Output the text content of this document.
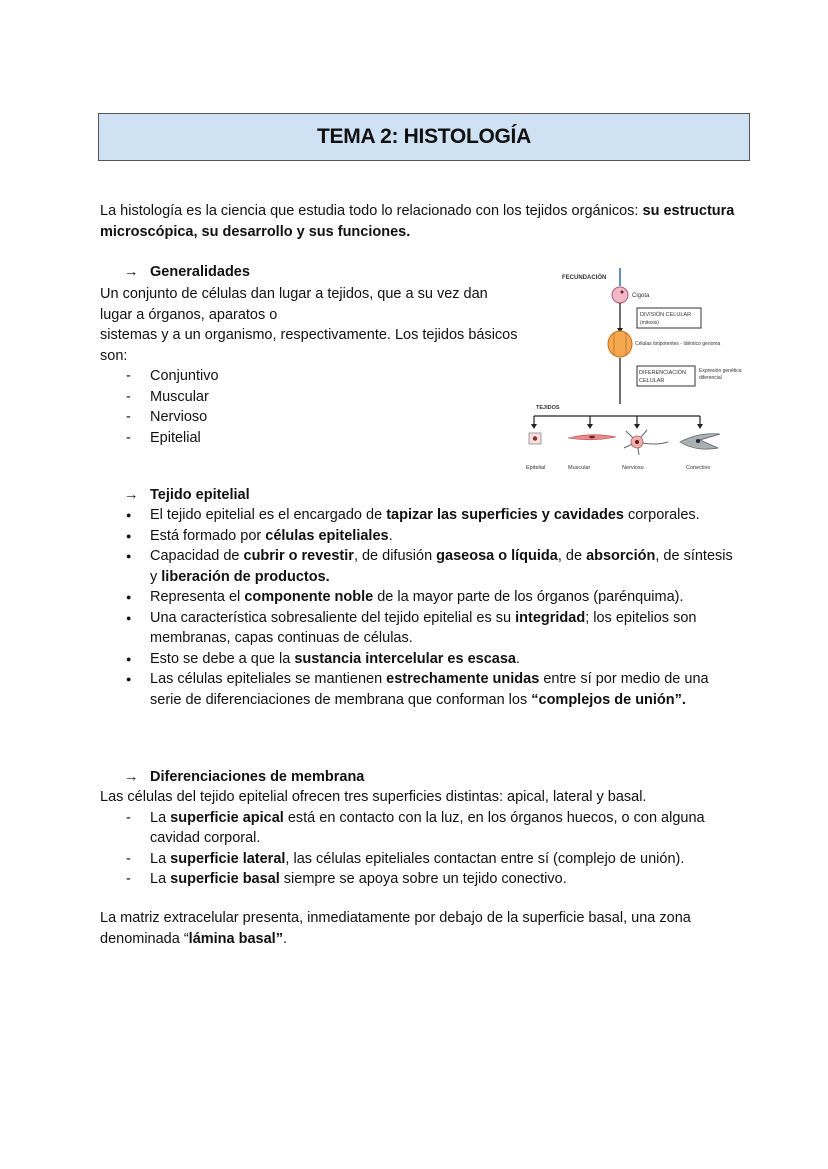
TEMA 2: HISTOLOGÍA
La histología es la ciencia que estudia todo lo relacionado con los tejidos orgánicos: su estructura microscópica, su desarrollo y sus funciones.
→ Generalidades
Un conjunto de células dan lugar a tejidos, que a su vez dan lugar a órganos, aparatos o
sistemas y a un organismo, respectivamente. Los tejidos básicos son:
- Conjuntivo
- Muscular
- Nervioso
- Epitelial
FECUNDACIÓN
Cigota
DIVISIÓN CELULAR
(mitosis)
Células totipotentes - Idéntico genoma
DIFERENCIACIÓN
CELULAR
Expresión genética
diferencial
TEJIDOS
Epitelial	Muscular	Nervioso	Conectivo
→ Tejido epitelial
● El tejido epitelial es el encargado de tapizar las superficies y cavidades corporales.
● Está formado por células epiteliales.
● Capacidad de cubrir o revestir, de difusión gaseosa o líquida, de absorción, de síntesis y liberación de productos.
● Representa el componente noble de la mayor parte de los órganos (parénquima).
● Una característica sobresaliente del tejido epitelial es su integridad; los epitelios son membranas, capas continuas de células.
● Esto se debe a que la sustancia intercelular es escasa.
● Las células epiteliales se mantienen estrechamente unidas entre sí por medio de una serie de diferenciaciones de membrana que conforman los “complejos de unión”.
→ Diferenciaciones de membrana
Las células del tejido epitelial ofrecen tres superficies distintas: apical, lateral y basal.
- La superficie apical está en contacto con la luz, en los órganos huecos, o con alguna cavidad corporal.
- La superficie lateral, las células epiteliales contactan entre sí (complejo de unión).
- La superficie basal siempre se apoya sobre un tejido conectivo.
La matriz extracelular presenta, inmediatamente por debajo de la superficie basal, una zona denominada “lámina basal”.
